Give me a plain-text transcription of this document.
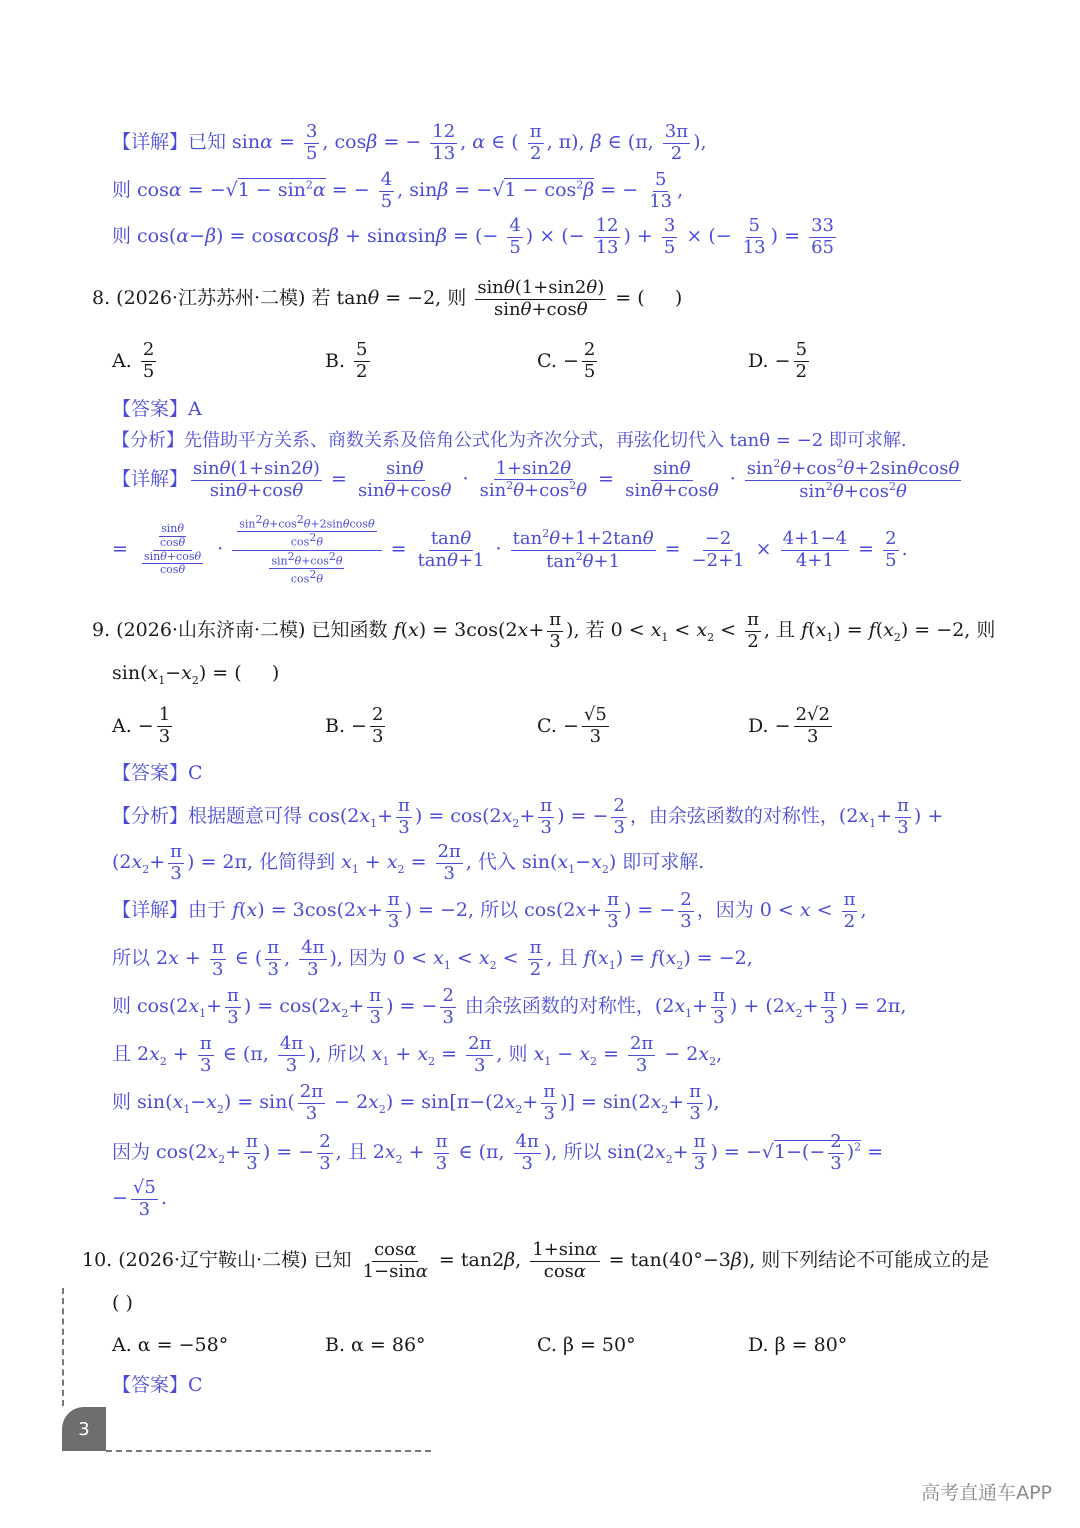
【详解】已知 $\sin\alpha = \frac{3}{5}$ , cosβ = − $\frac{12}{13}$ , α ∈ ( $\frac{\pi}{2}$ , π), β ∈ (π, $\frac{3\pi}{2}$ ),
则 $\cos\alpha = -√1 - \sin^2\alpha$ = − $\frac{4}{5}$ , $\sin\beta = -√1 - \cos^2\beta$ = − $\frac{5}{13}$ ,
则 cos(α−β) = cosαcosβ + sinαsinβ = (− $\frac{4}{5}$ ) × (− $\frac{12}{13}$ ) + $\frac{3}{5}$ × (− $\frac{5}{13}$ ) = $\frac{33}{65}$
8. (2026·江苏苏州·二模) 若 tanθ = −2, 则 $\frac{\sin\theta(1+\sin 2\theta)}{\sin\theta+\cos\theta}$ = (     )
A. $\frac{2}{5}$	B. $\frac{5}{2}$	C. − $\frac{2}{5}$	D. − $\frac{5}{2}$
【答案】A
【分析】先借助平方关系、商数关系及倍角公式化为齐次分式，再弦化切代入 tanθ = −2 即可求解.
【详解】 $\frac{\sin\theta(1+\sin 2\theta)}{\sin\theta+\cos\theta} = \frac{\sin\theta}{\sin\theta+\cos\theta} \cdot \frac{1+\sin 2\theta}{\sin^2\theta+\cos^2\theta} = \frac{\sin\theta}{\sin\theta+\cos\theta} \cdot \frac{\sin^2\theta+\cos^2\theta+2\sin\theta\cos\theta}{\sin^2\theta+\cos^2\theta}$
= $\frac{\frac{\sin\theta}{\cos\theta}}{\frac{\sin\theta+\cos\theta}{\cos\theta}} \cdot \frac{\frac{\sin^2\theta+\cos^2\theta+2\sin\theta\cos\theta}{\cos^2\theta}}{\frac{\sin^2\theta+\cos^2\theta}{\cos^2\theta}} = \frac{\tan\theta}{\tan\theta+1} \cdot \frac{\tan^2\theta+1+2\tan\theta}{\tan^2\theta+1} = \frac{-2}{-2+1} \times \frac{4+1-4}{4+1} = \frac{2}{5}$ .
9. (2026·山东济南·二模) 已知函数 $f(x) = 3\cos(2x+ \frac{\pi}{3}$ ), 若 $0 < x_1 < x_2 < \frac{\pi}{2}$ , 且 $f(x_1) = f(x_2) = -2$, 则
$\sin(x_1-x_2)$ = (     )
A. − $\frac{1}{3}$	B. − $\frac{2}{3}$	C. − $\frac{√5}{3}$	D. − $\frac{2√2}{3}$
【答案】C
【分析】根据题意可得 $\cos(2x_1+ \frac{\pi}{3}$ ) = $\cos(2x_2+ \frac{\pi}{3}$ ) = − $\frac{2}{3}$ ，由余弦函数的对称性，($2x_1+ \frac{\pi}{3}$ ) +
($2x_2+ \frac{\pi}{3}$ ) = 2π, 化简得到 $x_1 + x_2 = \frac{2\pi}{3}$ , 代入 $\sin(x_1-x_2)$ 即可求解.
【详解】由于 $f(x) = 3\cos(2x+ \frac{\pi}{3}$ ) = −2, 所以 $\cos(2x+ \frac{\pi}{3}$ ) = − $\frac{2}{3}$ ，因为 $0 < x < \frac{\pi}{2}$ ,
所以 $2x + \frac{\pi}{3}$ ∈ ( $\frac{\pi}{3}$ , $\frac{4\pi}{3}$ ), 因为 $0 < x_1 < x_2 < \frac{\pi}{2}$ , 且 $f(x_1) = f(x_2) = -2$,
则 $\cos(2x_1+ \frac{\pi}{3}$ ) = $\cos(2x_2+ \frac{\pi}{3}$ ) = − $\frac{2}{3}$ 由余弦函数的对称性，($2x_1+ \frac{\pi}{3}$ ) + ($2x_2+ \frac{\pi}{3}$ ) = 2π,
且 $2x_2 + \frac{\pi}{3}$ ∈ (π, $\frac{4\pi}{3}$ ), 所以 $x_1 + x_2 = \frac{2\pi}{3}$ , 则 $x_1 - x_2 = \frac{2\pi}{3} - 2x_2$,
则 $\sin(x_1-x_2) = \sin( \frac{2\pi}{3} - 2x_2) = \sin[\pi-(2x_2+ \frac{\pi}{3}$ )] = $\sin(2x_2+ \frac{\pi}{3}$ ),
因为 $\cos(2x_2+ \frac{\pi}{3}$ ) = − $\frac{2}{3}$ , 且 $2x_2 + \frac{\pi}{3}$ ∈ (π, $\frac{4\pi}{3}$ ), 所以 $\sin(2x_2+ \frac{\pi}{3}$ ) = $-√1-(- \frac{2}{3} )^2$ =
− $\frac{√5}{3}$ .
10. (2026·辽宁鞍山·二模) 已知 $\frac{\cos\alpha}{1-\sin\alpha} = \tan 2\beta$, $\frac{1+\sin\alpha}{\cos\alpha} = \tan(40^\circ-3\beta)$, 则下列结论不可能成立的是
( )
A. α = −58°	B. α = 86°	C. β = 50°	D. β = 80°
【答案】C
3
高考直通车APP
